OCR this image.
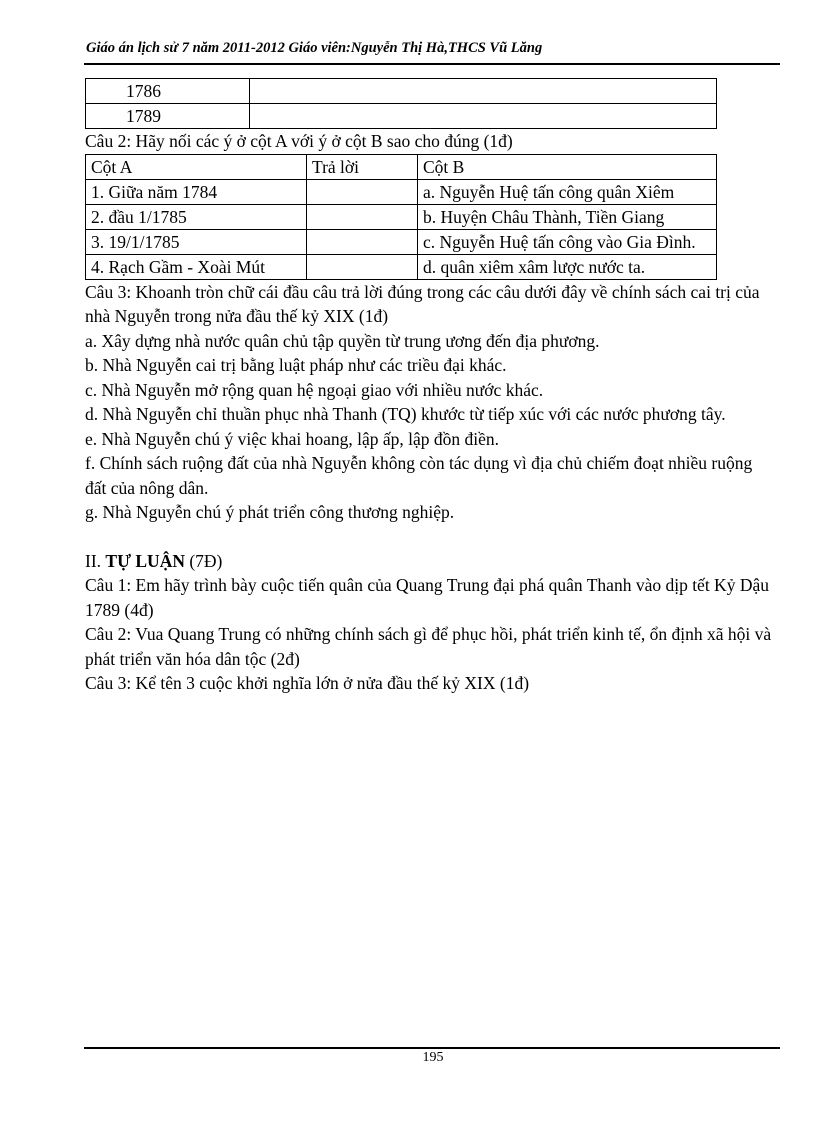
Giáo án lịch sử 7 năm 2011-2012 Giáo viên:Nguyễn Thị Hà,THCS Vũ Lăng
1786	
1789	

Câu 2: Hãy nối các ý ở cột A với ý ở cột B sao cho đúng (1đ)

Cột A	Trả lời	Cột B
1. Giữa năm 1784		a. Nguyễn Huệ tấn công quân Xiêm
2. đầu 1/1785		b. Huyện Châu Thành, Tiền Giang
3. 19/1/1785		c. Nguyễn Huệ tấn công vào Gia Đình.
4. Rạch Gầm - Xoài Mút		d. quân xiêm xâm lược nước ta.

Câu 3: Khoanh tròn chữ cái đầu câu trả lời đúng trong các câu dưới đây về chính sách cai trị của nhà Nguyễn trong nửa đầu thế kỷ XIX (1đ)

a. Xây dựng nhà nước quân chủ tập quyền từ trung ương đến địa phương.

b. Nhà Nguyễn cai trị bằng luật pháp như các triều đại khác.

c. Nhà Nguyễn mở rộng quan hệ ngoại giao với nhiều nước khác.

d. Nhà Nguyễn chỉ thuần phục nhà Thanh (TQ) khước từ tiếp xúc với các nước phương tây.

e. Nhà Nguyễn chú ý việc khai hoang, lập ấp, lập đồn điền.

f. Chính sách ruộng đất của nhà Nguyễn không còn tác dụng vì địa chủ chiếm đoạt nhiều ruộng đất của nông dân.

g. Nhà Nguyễn chú ý phát triển công thương nghiệp.

II. TỰ LUẬN (7Đ)

Câu 1: Em hãy trình bày cuộc tiến quân của Quang Trung đại phá quân Thanh vào dịp tết Kỷ Dậu 1789 (4đ)

Câu 2: Vua Quang Trung có những chính sách gì để phục hồi, phát triển kinh tế, ổn định xã hội và phát triển văn hóa dân tộc (2đ)

Câu 3: Kể tên 3 cuộc khởi nghĩa lớn ở nửa đầu thế kỷ XIX (1đ)

195
